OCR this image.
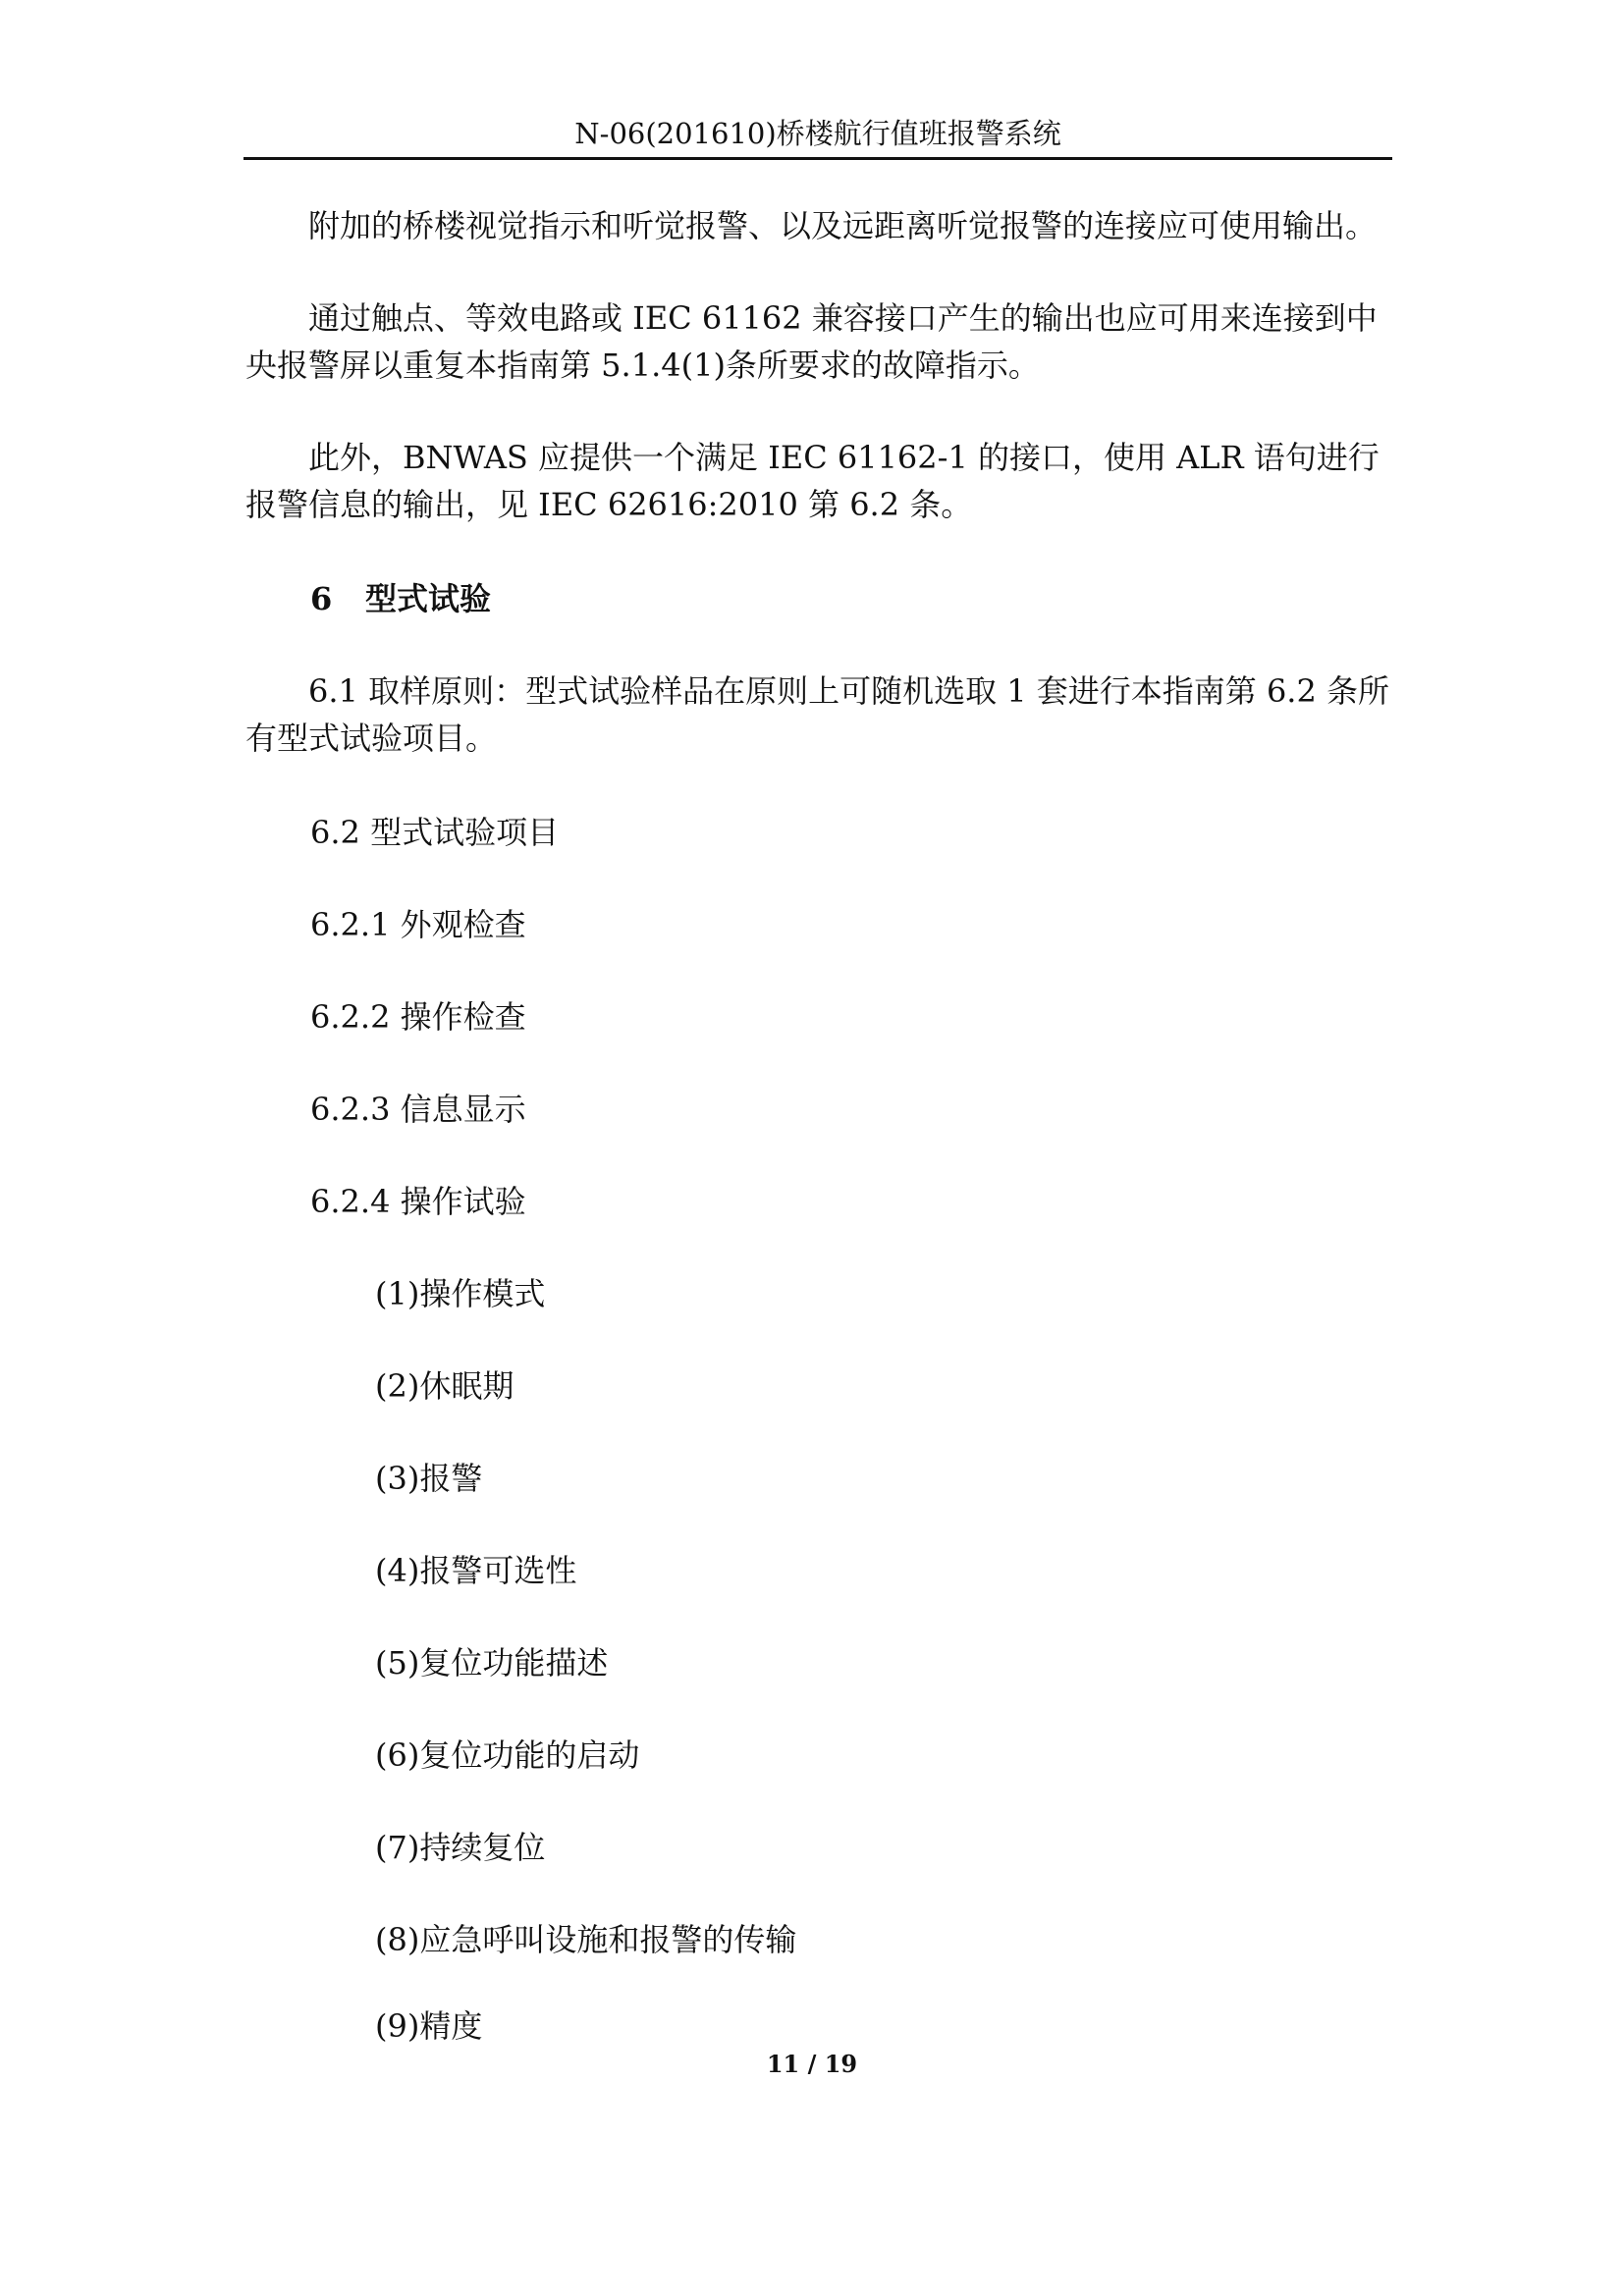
N-06(201610)桥楼航行值班报警系统

附加的桥楼视觉指示和听觉报警、以及远距离听觉报警的连接应可使用输出。

通过触点、等效电路或 IEC 61162 兼容接口产生的输出也应可用来连接到中央报警屏以重复本指南第 5.1.4(1)条所要求的故障指示。

此外，BNWAS 应提供一个满足 IEC 61162-1 的接口，使用 ALR 语句进行报警信息的输出，见 IEC 62616:2010 第 6.2 条。

6 型式试验

6.1 取样原则：型式试验样品在原则上可随机选取 1 套进行本指南第 6.2 条所有型式试验项目。

6.2 型式试验项目

6.2.1 外观检查

6.2.2 操作检查

6.2.3 信息显示

6.2.4 操作试验

(1)操作模式

(2)休眠期

(3)报警

(4)报警可选性

(5)复位功能描述

(6)复位功能的启动

(7)持续复位

(8)应急呼叫设施和报警的传输

(9)精度

11 / 19
